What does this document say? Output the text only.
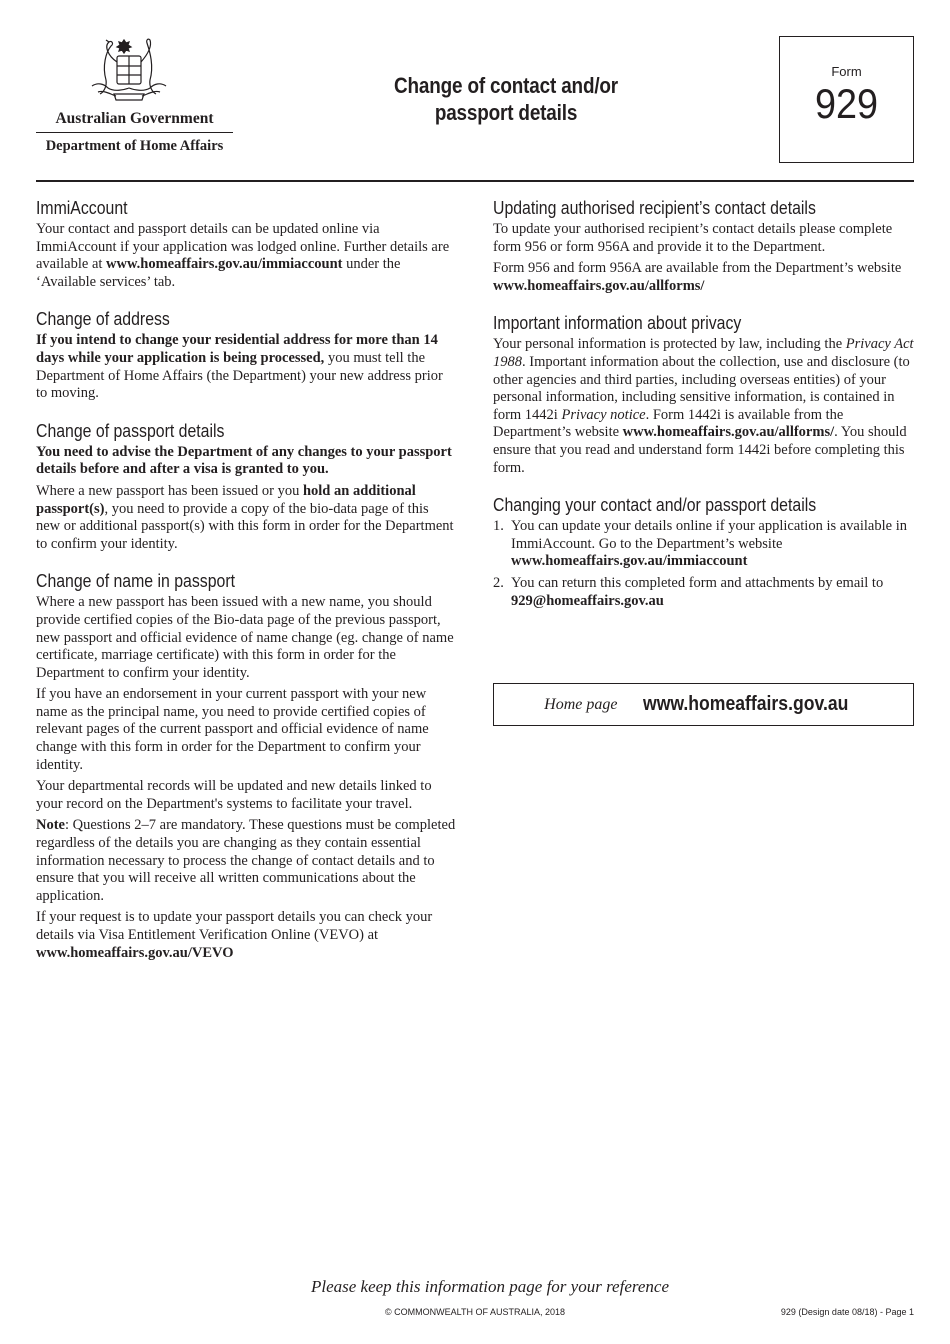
Australian Government
Department of Home Affairs
Change of contact and/or
passport details
Form
929
ImmiAccount

Your contact and passport details can be updated online via ImmiAccount if your application was lodged online. Further details are available at www.homeaffairs.gov.au/immiaccount under the ‘Available services’ tab.

Change of address

If you intend to change your residential address for more than 14 days while your application is being processed, you must tell the Department of Home Affairs (the Department) your new address prior to moving.

Change of passport details

You need to advise the Department of any changes to your passport details before and after a visa is granted to you.

Where a new passport has been issued or you hold an additional passport(s), you need to provide a copy of the bio-data page of this new or additional passport(s) with this form in order for the Department to confirm your identity.

Change of name in passport

Where a new passport has been issued with a new name, you should provide certified copies of the Bio-data page of the previous passport, new passport and official evidence of name change (eg. change of name certificate, marriage certificate) with this form in order for the Department to confirm your identity.

If you have an endorsement in your current passport with your new name as the principal name, you need to provide certified copies of relevant pages of the current passport and official evidence of name change with this form in order for the Department to confirm your identity.

Your departmental records will be updated and new details linked to your record on the Department's systems to facilitate your travel.

Note: Questions 2–7 are mandatory. These questions must be completed regardless of the details you are changing as they contain essential information necessary to process the change of contact details and to ensure that you will receive all written communications about the application.

If your request is to update your passport details you can check your details via Visa Entitlement Verification Online (VEVO) at
www.homeaffairs.gov.au/VEVO

Updating authorised recipient’s contact details

To update your authorised recipient’s contact details please complete form 956 or form 956A and provide it to the Department.

Form 956 and form 956A are available from the Department’s website www.homeaffairs.gov.au/allforms/

Important information about privacy

Your personal information is protected by law, including the Privacy Act 1988. Important information about the collection, use and disclosure (to other agencies and third parties, including overseas entities) of your personal information, including sensitive information, is contained in form 1442i Privacy notice. Form 1442i is available from the Department’s website www.homeaffairs.gov.au/allforms/. You should ensure that you read and understand form 1442i before completing this form.

Changing your contact and/or passport details
1. You can update your details online if your application is available in ImmiAccount. Go to the Department’s website
www.homeaffairs.gov.au/immiaccount
2. You can return this completed form and attachments by email to
929@homeaffairs.gov.au
Home page www.homeaffairs.gov.au
Please keep this information page for your reference
© COMMONWEALTH OF AUSTRALIA, 2018	929 (Design date 08/18) - Page 1
